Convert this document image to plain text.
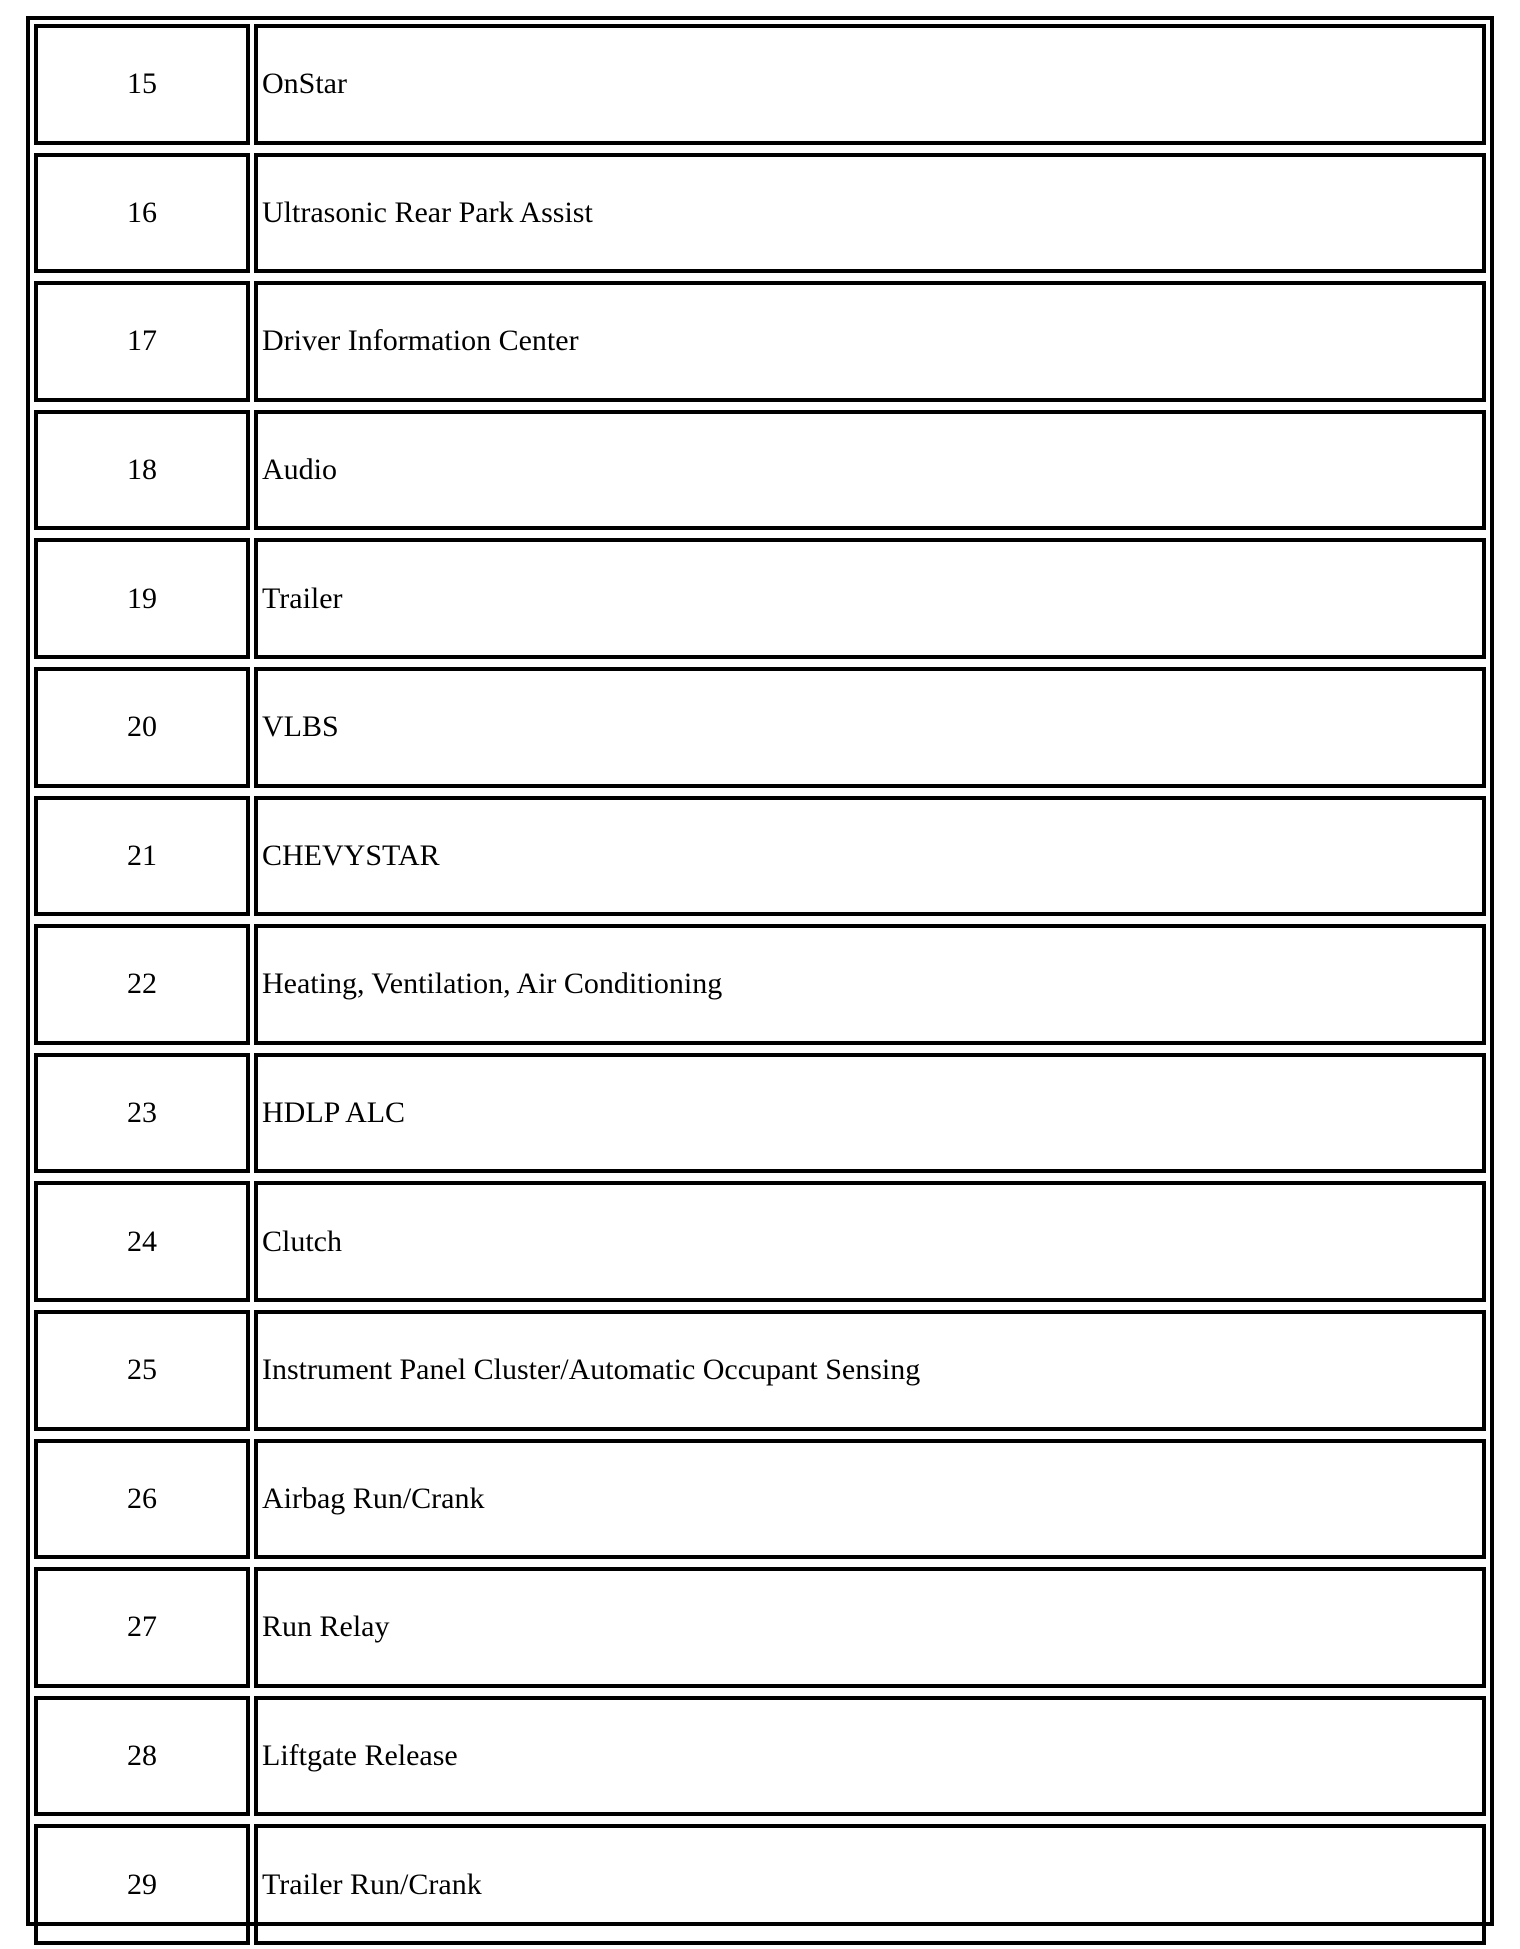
15	OnStar
16	Ultrasonic Rear Park Assist
17	Driver Information Center
18	Audio
19	Trailer
20	VLBS
21	CHEVYSTAR
22	Heating, Ventilation, Air Conditioning
23	HDLP ALC
24	Clutch
25	Instrument Panel Cluster/Automatic Occupant Sensing
26	Airbag Run/Crank
27	Run Relay
28	Liftgate Release
29	Trailer Run/Crank
